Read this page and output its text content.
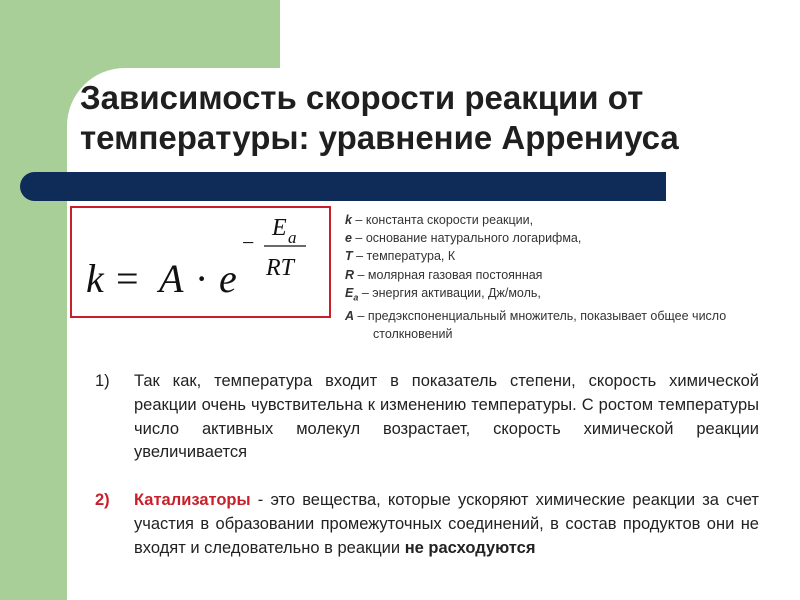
Зависимость скорости реакции от
температуры: уравнение Аррениуса
k = A · e
−
E a
RT
k – константа скорости реакции,
e – основание натурального логарифма,
T – температура, К
R – молярная газовая постоянная
$E_a$ – энергия активации, Дж/моль,
A – предэкспоненциальный множитель, показывает общее число
столкновений
1) Так как, температура входит в показатель степени, скорость химической реакции очень чувствительна к изменению температуры. С ростом температуры число активных молекул возрастает, скорость химической реакции увеличивается
2) Катализаторы - это вещества, которые ускоряют химические реакции за счет участия в образовании промежуточных соединений, в состав продуктов они не входят и следовательно в реакции не расходуются
